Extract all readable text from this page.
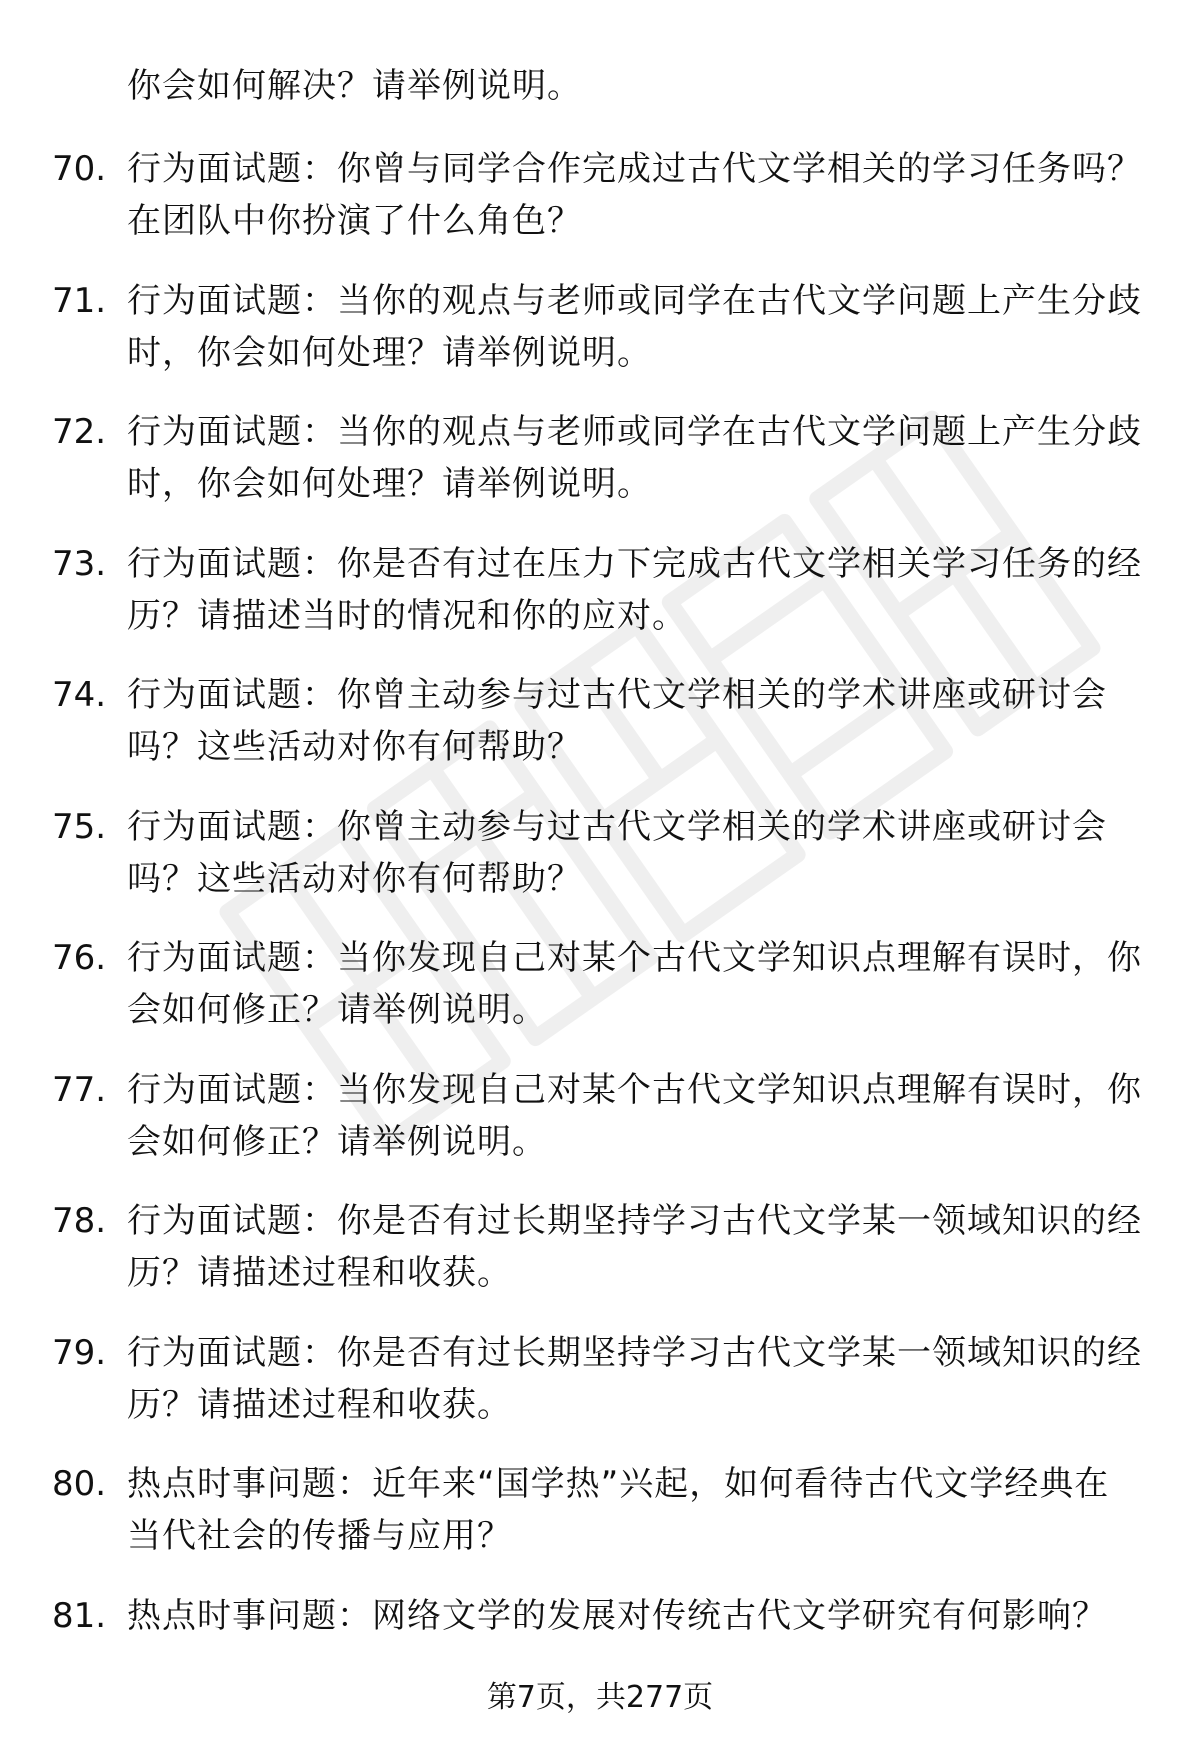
你会如何解决？请举例说明。
70. 行为面试题：你曾与同学合作完成过古代文学相关的学习任务吗？在团队中你扮演了什么角色？
71. 行为面试题：当你的观点与老师或同学在古代文学问题上产生分歧时，你会如何处理？请举例说明。
72. 行为面试题：当你的观点与老师或同学在古代文学问题上产生分歧时，你会如何处理？请举例说明。
73. 行为面试题：你是否有过在压力下完成古代文学相关学习任务的经历？请描述当时的情况和你的应对。
74. 行为面试题：你曾主动参与过古代文学相关的学术讲座或研讨会吗？这些活动对你有何帮助？
75. 行为面试题：你曾主动参与过古代文学相关的学术讲座或研讨会吗？这些活动对你有何帮助？
76. 行为面试题：当你发现自己对某个古代文学知识点理解有误时，你会如何修正？请举例说明。
77. 行为面试题：当你发现自己对某个古代文学知识点理解有误时，你会如何修正？请举例说明。
78. 行为面试题：你是否有过长期坚持学习古代文学某一领域知识的经历？请描述过程和收获。
79. 行为面试题：你是否有过长期坚持学习古代文学某一领域知识的经历？请描述过程和收获。
80. 热点时事问题：近年来“国学热”兴起，如何看待古代文学经典在当代社会的传播与应用？
81. 热点时事问题：网络文学的发展对传统古代文学研究有何影响？
第7页，共277页
